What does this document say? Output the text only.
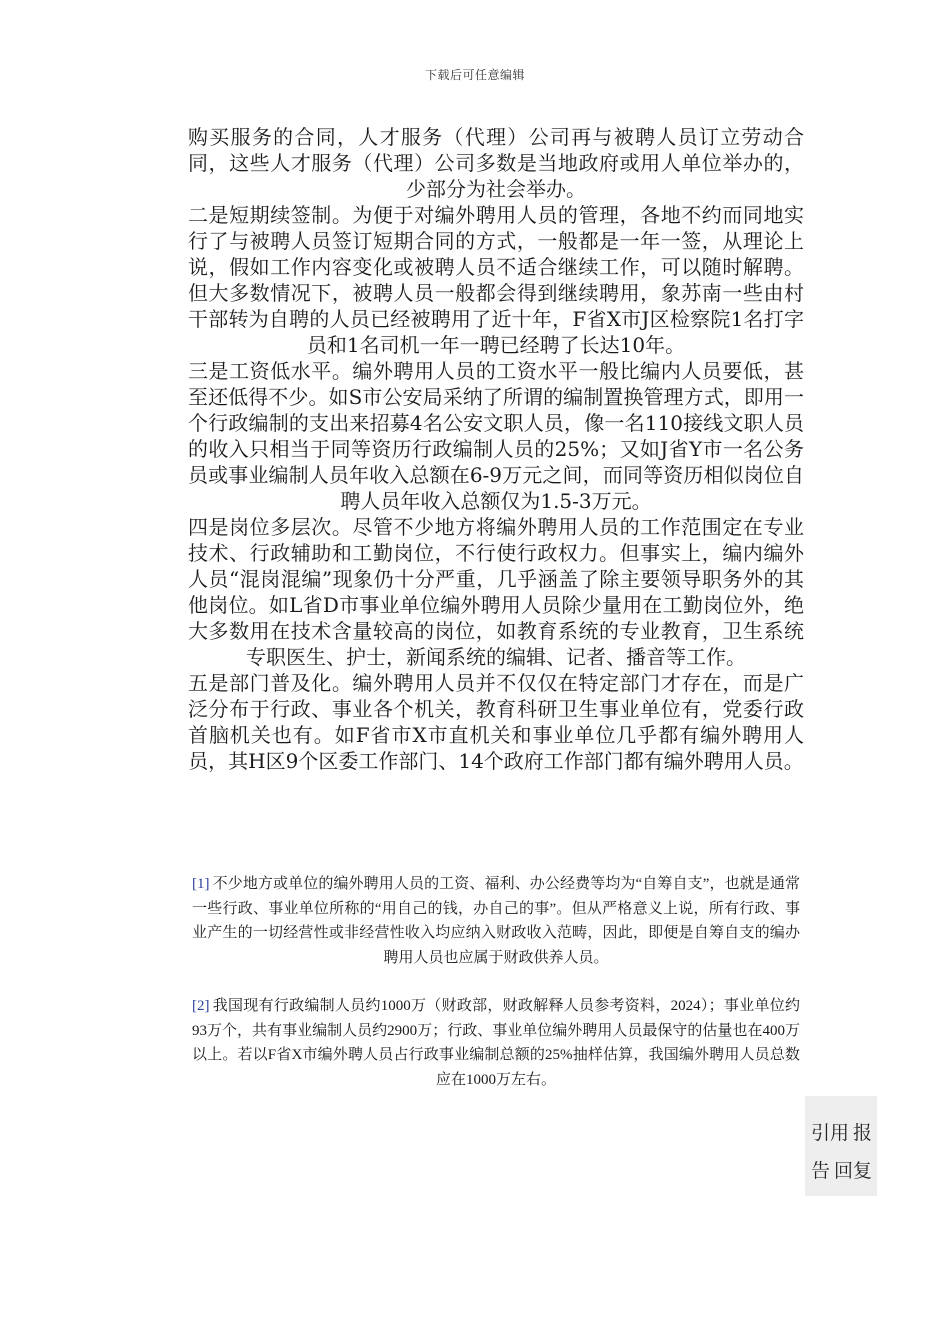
下载后可任意编辑

购买服务的合同，人才服务（代理）公司再与被聘人员订立劳动合同，这些人才服务（代理）公司多数是当地政府或用人单位举办的，少部分为社会举办。

二是短期续签制。为便于对编外聘用人员的管理，各地不约而同地实行了与被聘人员签订短期合同的方式，一般都是一年一签，从理论上说，假如工作内容变化或被聘人员不适合继续工作，可以随时解聘。但大多数情况下，被聘人员一般都会得到继续聘用，象苏南一些由村干部转为自聘的人员已经被聘用了近十年，F省X市J区检察院1名打字员和1名司机一年一聘已经聘了长达10年。

三是工资低水平。编外聘用人员的工资水平一般比编内人员要低，甚至还低得不少。如S市公安局采纳了所谓的编制置换管理方式，即用一个行政编制的支出来招募4名公安文职人员，像一名110接线文职人员的收入只相当于同等资历行政编制人员的25%；又如J省Y市一名公务员或事业编制人员年收入总额在6-9万元之间，而同等资历相似岗位自聘人员年收入总额仅为1.5-3万元。

四是岗位多层次。尽管不少地方将编外聘用人员的工作范围定在专业技术、行政辅助和工勤岗位，不行使行政权力。但事实上，编内编外人员“混岗混编”现象仍十分严重，几乎涵盖了除主要领导职务外的其他岗位。如L省D市事业单位编外聘用人员除少量用在工勤岗位外，绝大多数用在技术含量较高的岗位，如教育系统的专业教育，卫生系统专职医生、护士，新闻系统的编辑、记者、播音等工作。

五是部门普及化。编外聘用人员并不仅仅在特定部门才存在，而是广泛分布于行政、事业各个机关，教育科研卫生事业单位有，党委行政首脑机关也有。如F省市X市直机关和事业单位几乎都有编外聘用人员，其H区9个区委工作部门、14个政府工作部门都有编外聘用人员。

[1] 不少地方或单位的编外聘用人员的工资、福利、办公经费等均为“自筹自支”，也就是通常一些行政、事业单位所称的“用自己的钱，办自己的事”。但从严格意义上说，所有行政、事业产生的一切经营性或非经营性收入均应纳入财政收入范畴，因此，即便是自筹自支的编办聘用人员也应属于财政供养人员。

[2] 我国现有行政编制人员约1000万（财政部，财政解释人员参考资料，2024）；事业单位约93万个，共有事业编制人员约2900万；行政、事业单位编外聘用人员最保守的估量也在400万以上。若以F省X市编外聘人员占行政事业编制总额的25%抽样估算，我国编外聘用人员总数应在1000万左右。

引用 报
告 回复
